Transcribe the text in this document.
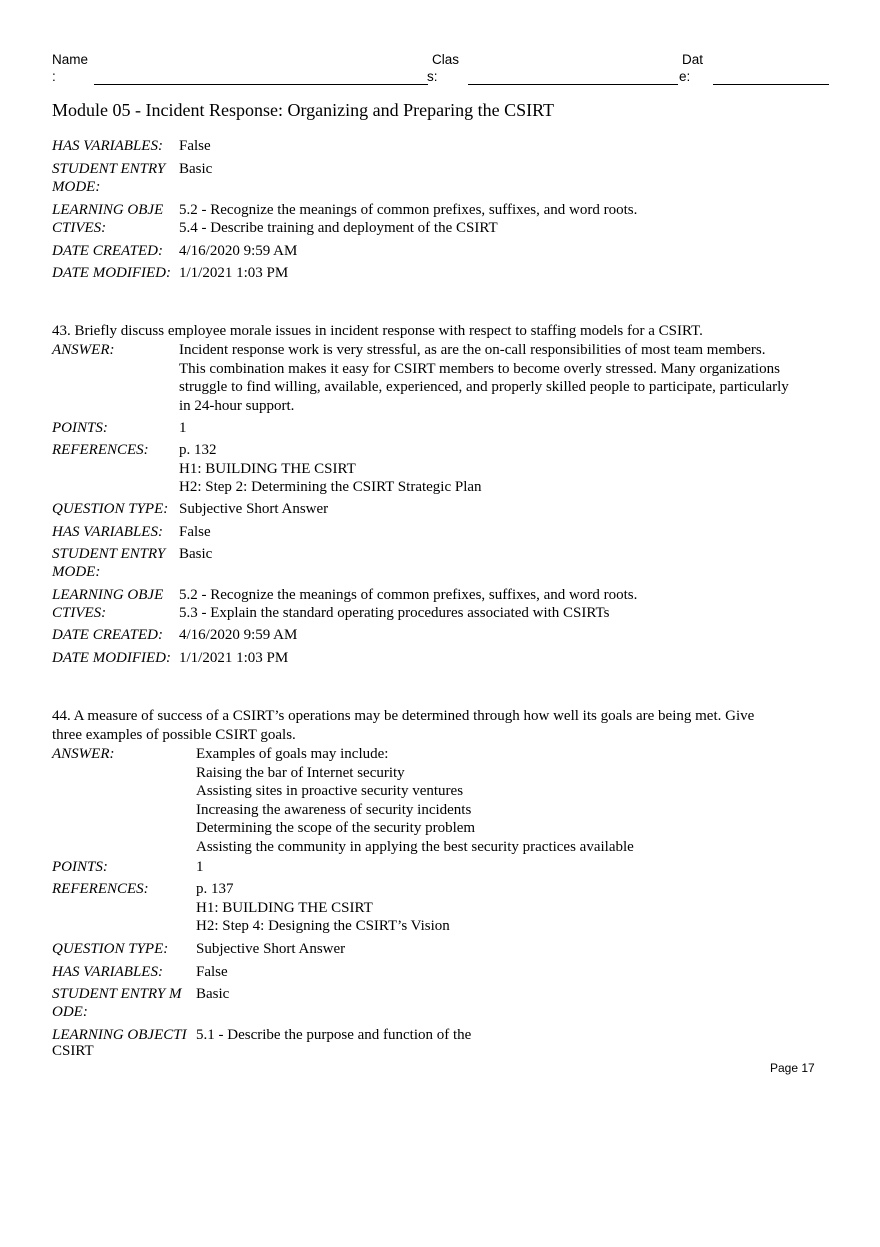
Name
:
Clas
s:
Dat
e:
Module 05 - Incident Response: Organizing and Preparing the CSIRT
HAS VARIABLES: False
STUDENT ENTRY
MODE:
Basic
LEARNING OBJE
CTIVES:
5.2 - Recognize the meanings of common prefixes, suffixes, and word roots.
5.4 - Describe training and deployment of the CSIRT
DATE CREATED: 4/16/2020 9:59 AM
DATE MODIFIED: 1/1/2021 1:03 PM
43. Briefly discuss employee morale issues in incident response with respect to staffing models for a CSIRT.
ANSWER:	Incident response work is very stressful, as are the on-call responsibilities of most team members.
This combination makes it easy for CSIRT members to become overly stressed. Many organizations
struggle to find willing, available, experienced, and properly skilled people to participate, particularly
in 24-hour support.
POINTS:	1
REFERENCES: p. 132
H1: BUILDING THE CSIRT
H2: Step 2: Determining the CSIRT Strategic Plan
QUESTION TYPE: Subjective Short Answer
HAS VARIABLES: False
STUDENT ENTRY
MODE:
Basic
LEARNING OBJE
CTIVES:
5.2 - Recognize the meanings of common prefixes, suffixes, and word roots.
5.3 - Explain the standard operating procedures associated with CSIRTs
DATE CREATED: 4/16/2020 9:59 AM
DATE MODIFIED: 1/1/2021 1:03 PM
44. A measure of success of a CSIRT’s operations may be determined through how well its goals are being met. Give
three examples of possible CSIRT goals.
ANSWER:	Examples of goals may include:
Raising the bar of Internet security
Assisting sites in proactive security ventures
Increasing the awareness of security incidents
Determining the scope of the security problem
Assisting the community in applying the best security practices available
POINTS:	1
REFERENCES:	p. 137
H1: BUILDING THE CSIRT
H2: Step 4: Designing the CSIRT’s Vision
QUESTION TYPE: Subjective Short Answer
HAS VARIABLES: False
STUDENT ENTRY M
ODE:
Basic
LEARNING OBJECTI 5.1 - Describe the purpose and function of the
CSIRT
Page 17
